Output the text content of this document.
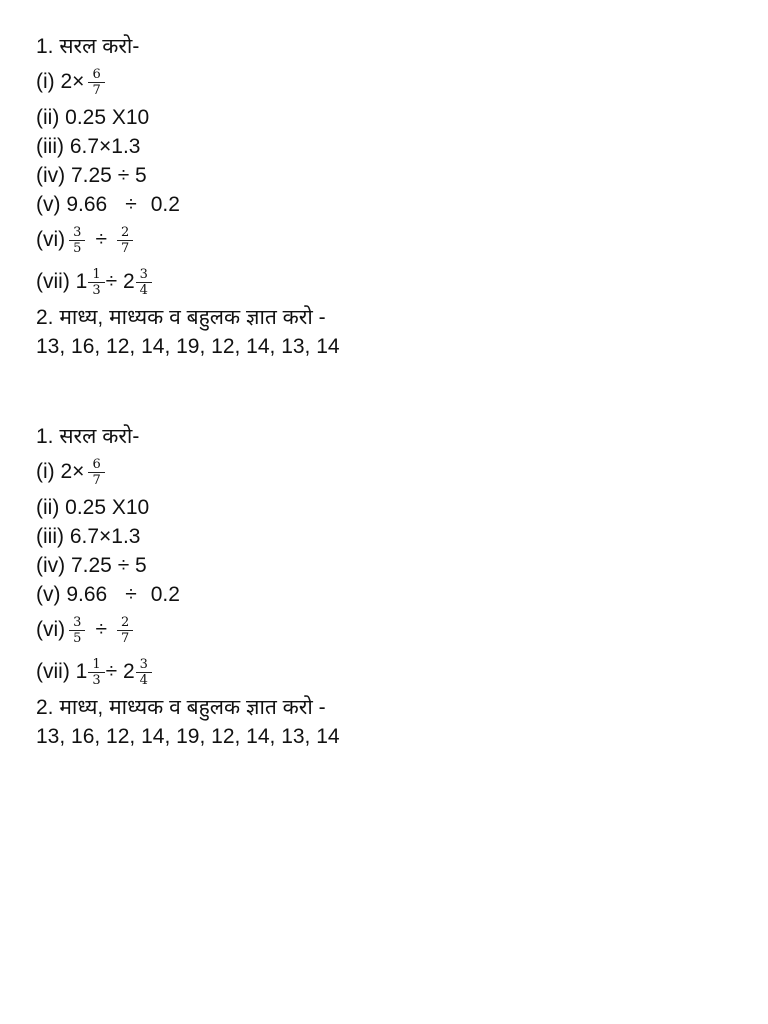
1. सरल करो-
(i) $2\times \frac{6}{7}$
(ii) 0.25 X10
(iii) 6.7×1.3
(iv) 7.25 ÷ 5
(v) 9.66 ÷ 0.2
$(vi) \frac{3}{5} \div \frac{2}{7}$
(vii) $1 \frac{1}{3} \div 2 \frac{3}{4}$
2. माध्य, माध्यक व बहुलक ज्ञात करो -
13, 16, 12, 14, 19, 12, 14, 13, 14
1. सरल करो-
(i) $2\times \frac{6}{7}$
(ii) 0.25 X10
(iii) 6.7×1.3
(iv) 7.25 ÷ 5
(v) 9.66 ÷ 0.2
$(vi) \frac{3}{5} \div \frac{2}{7}$
(vii) $1 \frac{1}{3} \div 2 \frac{3}{4}$
2. माध्य, माध्यक व बहुलक ज्ञात करो -
13, 16, 12, 14, 19, 12, 14, 13, 14
